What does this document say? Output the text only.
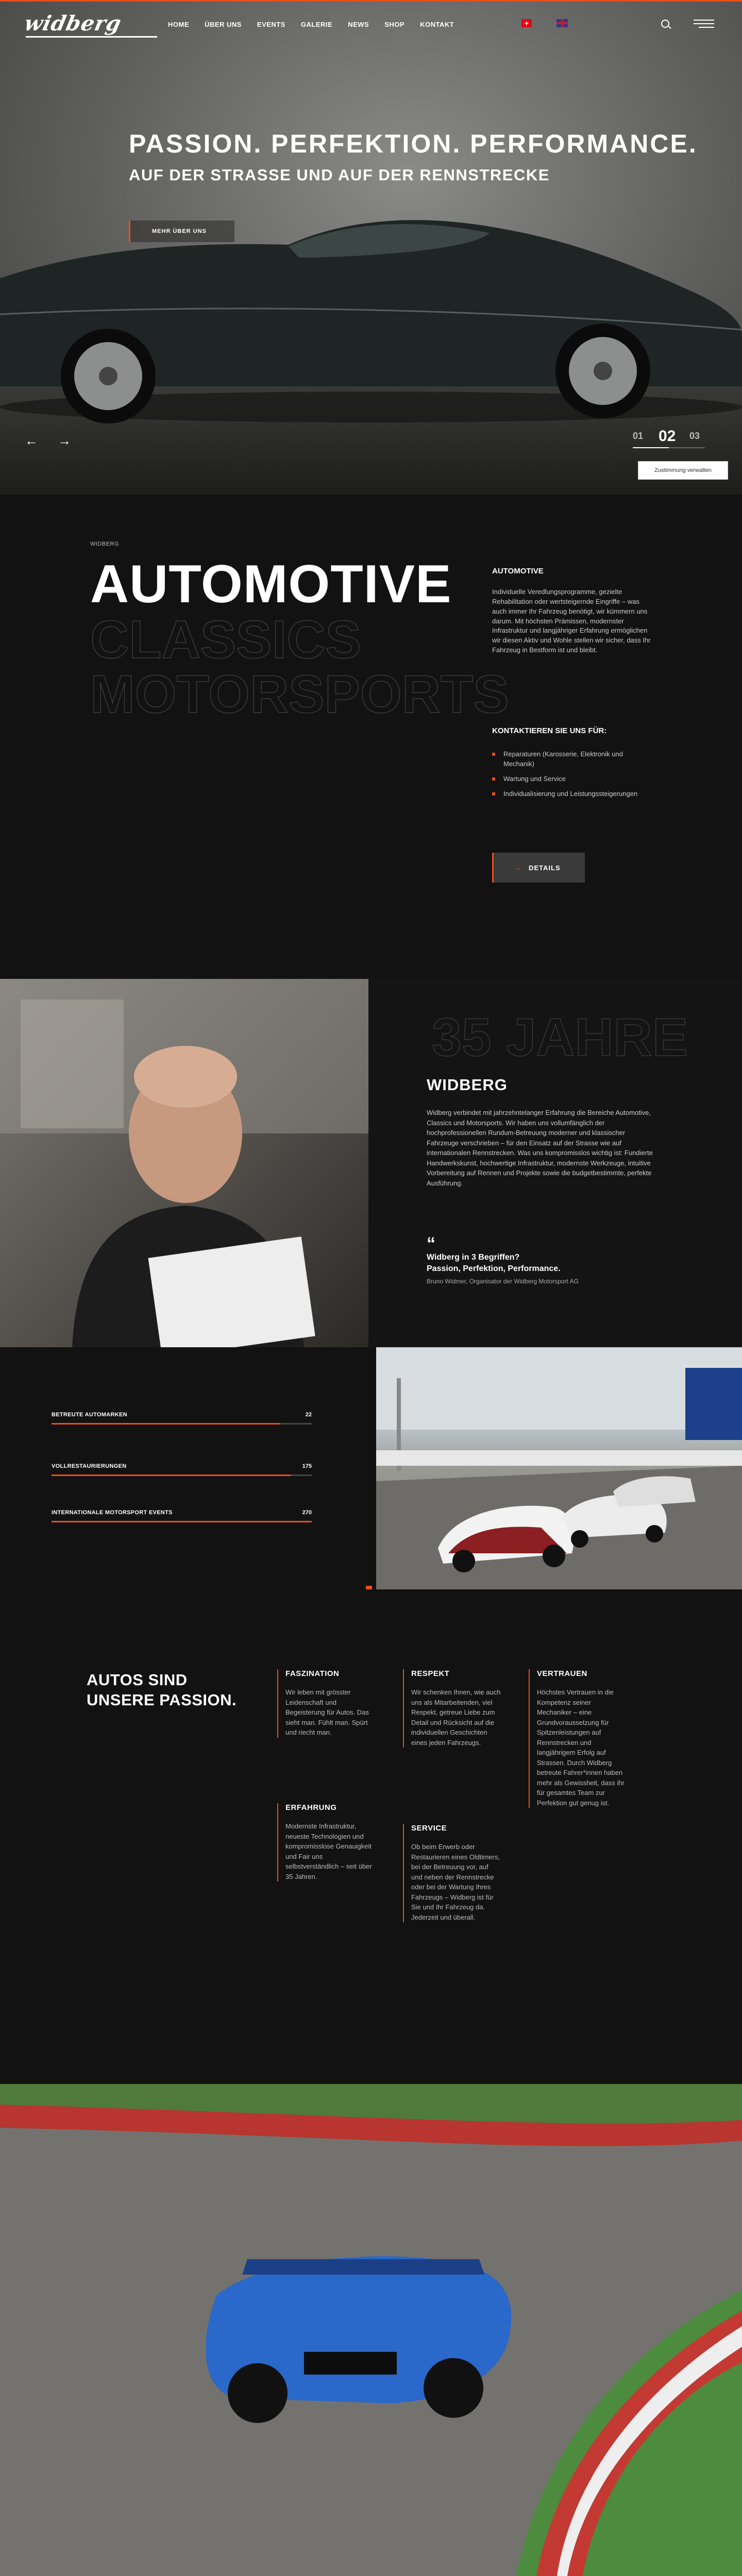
widberg	HOME ÜBER UNS EVENTS GALERIE NEWS SHOP KONTAKT	+
PASSION. PERFEKTION. PERFORMANCE.
AUF DER STRASSE UND AUF DER RENNSTRECKE
→ MEHR ÜBER UNS
← →	01 02 03
Zustimmung verwalten
WIDBERG
AUTOMOTIVE
CLASSICS
MOTORSPORTS
AUTOMOTIVE

Individuelle Veredlungsprogramme, gezielte Rehabilitation oder wertsteigernde Eingriffe – was auch immer Ihr Fahrzeug benötigt, wir kümmern uns darum. Mit höchsten Prämissen, modernster Infrastruktur und langjähriger Erfahrung ermöglichen wir diesen Aktiv und Wohle stellen wir sicher, dass Ihr Fahrzeug in Bestform ist und bleibt.

KONTAKTIEREN SIE UNS FÜR:
Reparaturen (Karosserie, Elektronik und Mechanik)
Wartung und Service
Individualisierung und Leistungssteigerungen
→ DETAILS
35 JAHRE
WIDBERG

Widberg verbindet mit jahrzehntelanger Erfahrung die Bereiche Automotive, Classics und Motorsports. Wir haben uns vollumfänglich der hochprofessionellen Rundum-Betreuung moderner und klassischer Fahrzeuge verschrieben – für den Einsatz auf der Strasse wie auf internationalen Rennstrecken. Was uns kompromisslos wichtig ist: Fundierte Handwerkskunst, hochwertige Infrastruktur, modernste Werkzeuge, intuitive Vorbereitung auf Rennen und Projekte sowie die budgetbestimmte, perfekte Ausführung.

“
Widberg in 3 Begriffen?
Passion, Perfektion, Performance.
Bruno Widmer, Organisator der Widberg Motorsport AG
BETREUTE AUTOMARKEN	22
VOLLRESTAURIERUNGEN	175
INTERNATIONALE MOTORSPORT EVENTS	270
AUTOS SIND
UNSERE PASSION.
FASZINATION

Wir leben mit grösster Leidenschaft und Begeisterung für Autos. Das sieht man. Fühlt man. Spürt und riecht man.

RESPEKT

Wir schenken Ihnen, wie auch uns als Mitarbeitenden, viel Respekt, getreue Liebe zum Detail und Rücksicht auf die individuellen Geschichten eines jeden Fahrzeugs.

VERTRAUEN

Höchstes Vertrauen in die Kompetenz seiner Mechaniker – eine Grundvoraussetzung für Spitzenleistungen auf Rennstrecken und langjährigem Erfolg auf Strassen. Durch Widberg betreute Fahrer*innen haben mehr als Gewissheit, dass ihr für gesamtes Team zur Perfektion gut genug ist.

ERFAHRUNG

Modernste Infrastruktur, neueste Technologien und kompromisslose Genauigkeit und Fair uns selbstverständlich – seit über 35 Jahren.

SERVICE

Ob beim Erwerb oder Restaurieren eines Oldtimers, bei der Betreuung vor, auf und neben der Rennstrecke oder bei der Wartung Ihres Fahrzeugs – Widberg ist für Sie und Ihr Fahrzeug da. Jederzeit und überall.
